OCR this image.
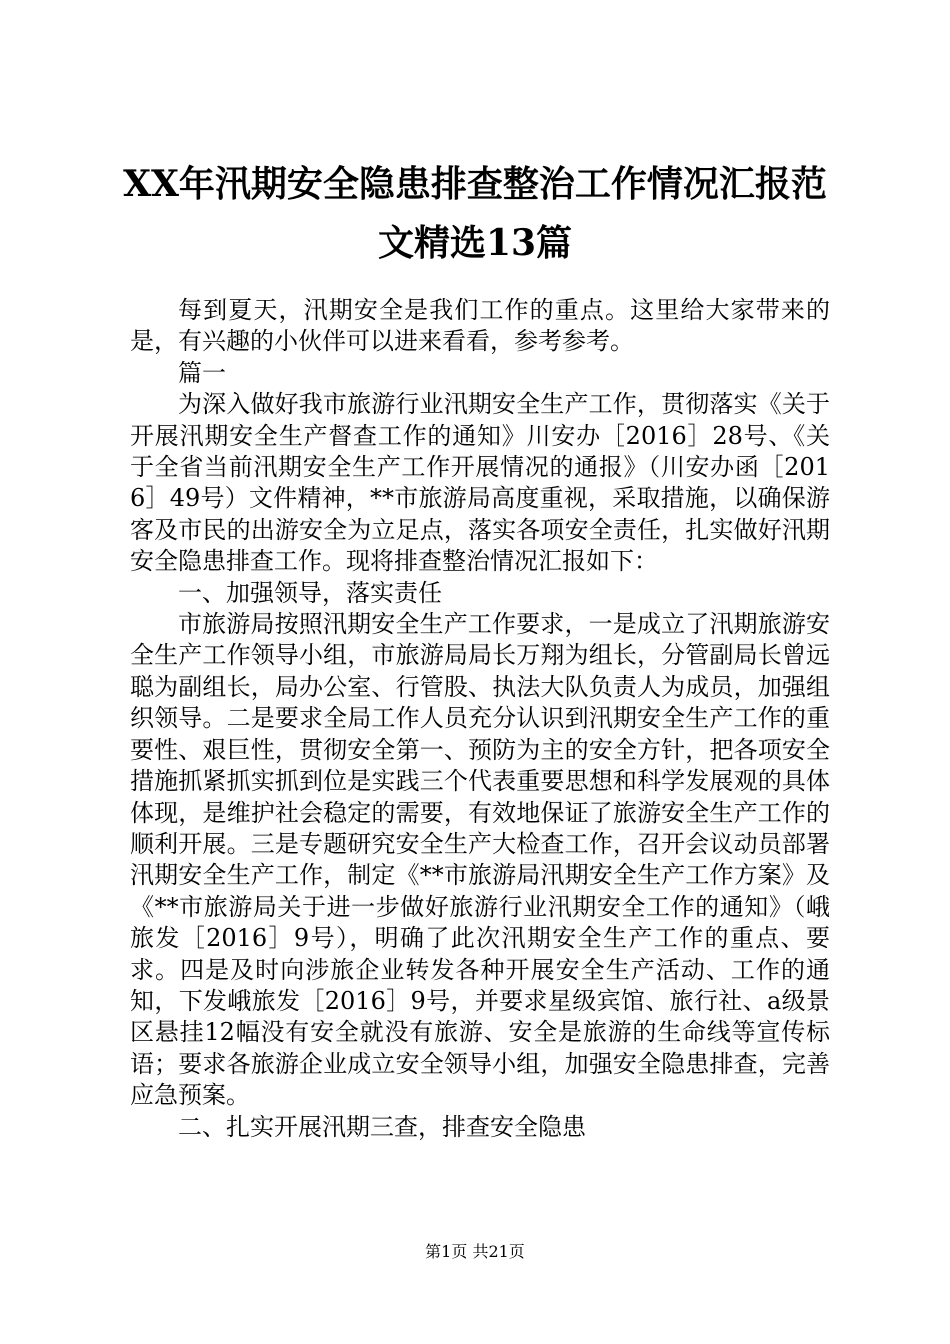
XX年汛期安全隐患排查整治工作情况汇报范
文精选13篇

每到夏天，汛期安全是我们工作的重点。这里给大家带来的是，有兴趣的小伙伴可以进来看看，参考参考。

篇一

为深入做好我市旅游行业汛期安全生产工作，贯彻落实《关于开展汛期安全生产督查工作的通知》川安办［2016］28号、《关于全省当前汛期安全生产工作开展情况的通报》（川安办函［2016］49号）文件精神，**市旅游局高度重视，采取措施，以确保游客及市民的出游安全为立足点，落实各项安全责任，扎实做好汛期安全隐患排查工作。现将排查整治情况汇报如下：

一、加强领导，落实责任

市旅游局按照汛期安全生产工作要求，一是成立了汛期旅游安全生产工作领导小组，市旅游局局长万翔为组长，分管副局长曾远聪为副组长，局办公室、行管股、执法大队负责人为成员，加强组织领导。二是要求全局工作人员充分认识到汛期安全生产工作的重要性、艰巨性，贯彻安全第一、预防为主的安全方针，把各项安全措施抓紧抓实抓到位是实践三个代表重要思想和科学发展观的具体体现，是维护社会稳定的需要，有效地保证了旅游安全生产工作的顺利开展。三是专题研究安全生产大检查工作，召开会议动员部署汛期安全生产工作，制定《**市旅游局汛期安全生产工作方案》及《**市旅游局关于进一步做好旅游行业汛期安全工作的通知》（峨旅发［2016］9号），明确了此次汛期安全生产工作的重点、要求。四是及时向涉旅企业转发各种开展安全生产活动、工作的通知，下发峨旅发［2016］9号，并要求星级宾馆、旅行社、a级景区悬挂12幅没有安全就没有旅游、安全是旅游的生命线等宣传标语；要求各旅游企业成立安全领导小组，加强安全隐患排查，完善应急预案。

二、扎实开展汛期三查，排查安全隐患

第1页 共21页
